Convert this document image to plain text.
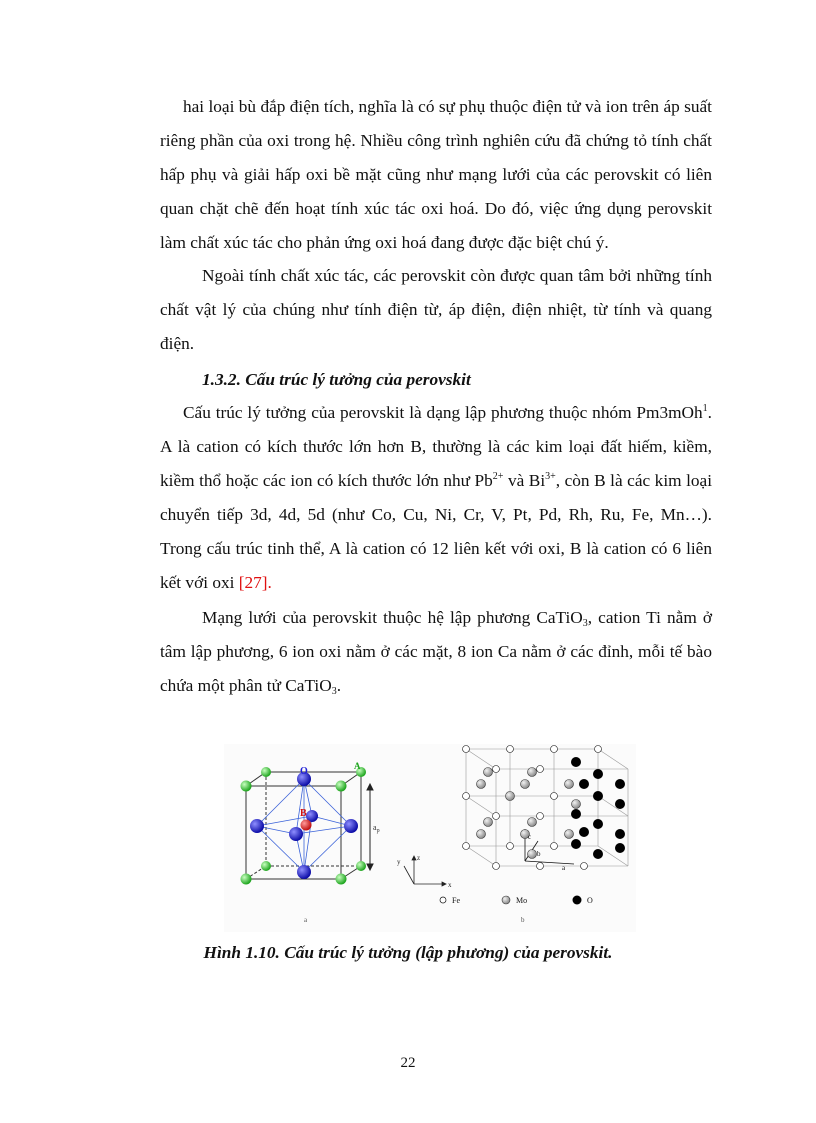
hai loại bù đắp điện tích, nghĩa là có sự phụ thuộc điện tử và ion trên áp suất riêng phần của oxi trong hệ. Nhiều công trình nghiên cứu đã chứng tỏ tính chất hấp phụ và giải hấp oxi bề mặt cũng như mạng lưới của các perovskit có liên quan chặt chẽ đến hoạt tính xúc tác oxi hoá. Do đó, việc ứng dụng perovskit làm chất xúc tác cho phản ứng oxi hoá đang được đặc biệt chú ý.

Ngoài tính chất xúc tác, các perovskit còn được quan tâm bởi những tính chất vật lý của chúng như tính điện từ, áp điện, điện nhiệt, từ tính và quang điện.

1.3.2. Cấu trúc lý tưởng của perovskit

Cấu trúc lý tưởng của perovskit là dạng lập phương thuộc nhóm Pm3mOh$^1$. A là cation có kích thước lớn hơn B, thường là các kim loại đất hiếm, kiềm, kiềm thổ hoặc các ion có kích thước lớn như $Pb^{2+}$ và $Bi^{3+}$, còn B là các kim loại chuyển tiếp 3d, 4d, 5d (như Co, Cu, Ni, Cr, V, Pt, Pd, Rh, Ru, Fe, Mn…). Trong cấu trúc tinh thể, A là cation có 12 liên kết với oxi, B là cation có 6 liên kết với oxi [27].

Mạng lưới của perovskit thuộc hệ lập phương CaTiO$_3$, cation Ti nằm ở tâm lập phương, 6 ion oxi nằm ở các mặt, 8 ion Ca nằm ở các đỉnh, mỗi tế bào chứa một phân tử CaTiO$_3$.

O	A
B
$a_p$
a
y z
x
c
b
a
Fe	Mo	O
b

Hình 1.10. Cấu trúc lý tưởng (lập phương) của perovskit.

22
